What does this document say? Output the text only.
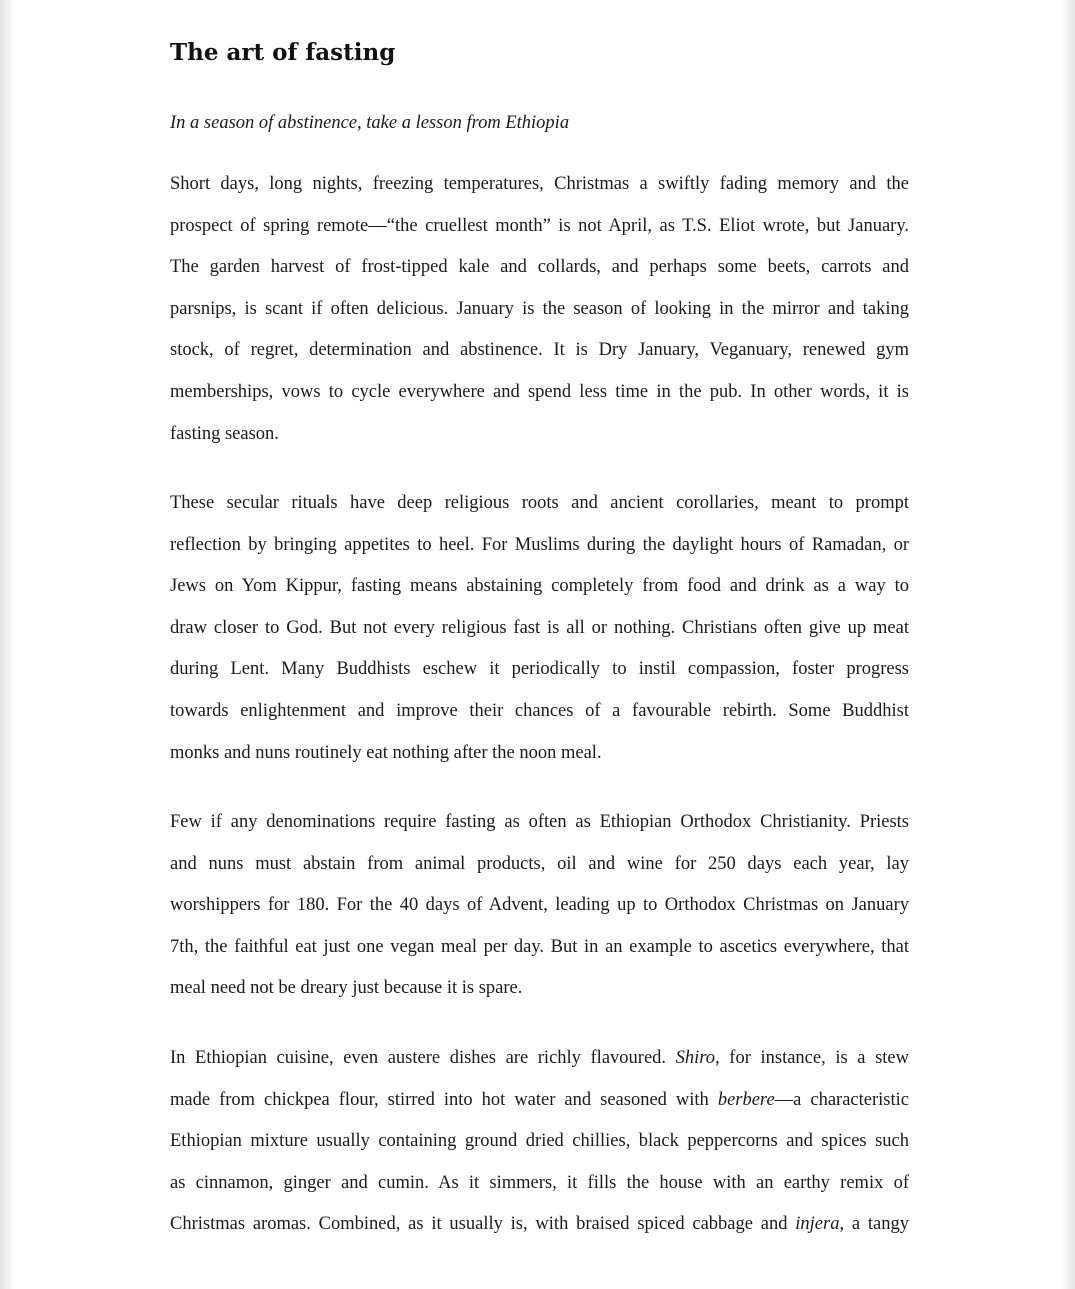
The art of fasting

In a season of abstinence, take a lesson from Ethiopia

Short days, long nights, freezing temperatures, Christmas a swiftly fading memory and the
prospect of spring remote—“the cruellest month” is not April, as T.S. Eliot wrote, but January.
The garden harvest of frost-tipped kale and collards, and perhaps some beets, carrots and
parsnips, is scant if often delicious. January is the season of looking in the mirror and taking
stock, of regret, determination and abstinence. It is Dry January, Veganuary, renewed gym
memberships, vows to cycle everywhere and spend less time in the pub. In other words, it is
fasting season.
These secular rituals have deep religious roots and ancient corollaries, meant to prompt
reflection by bringing appetites to heel. For Muslims during the daylight hours of Ramadan, or
Jews on Yom Kippur, fasting means abstaining completely from food and drink as a way to
draw closer to God. But not every religious fast is all or nothing. Christians often give up meat
during Lent. Many Buddhists eschew it periodically to instil compassion, foster progress
towards enlightenment and improve their chances of a favourable rebirth. Some Buddhist
monks and nuns routinely eat nothing after the noon meal.
Few if any denominations require fasting as often as Ethiopian Orthodox Christianity. Priests
and nuns must abstain from animal products, oil and wine for 250 days each year, lay
worshippers for 180. For the 40 days of Advent, leading up to Orthodox Christmas on January
7th, the faithful eat just one vegan meal per day. But in an example to ascetics everywhere, that
meal need not be dreary just because it is spare.
In Ethiopian cuisine, even austere dishes are richly flavoured. Shiro, for instance, is a stew
made from chickpea flour, stirred into hot water and seasoned with berbere—a characteristic
Ethiopian mixture usually containing ground dried chillies, black peppercorns and spices such
as cinnamon, ginger and cumin. As it simmers, it fills the house with an earthy remix of
Christmas aromas. Combined, as it usually is, with braised spiced cabbage and injera, a tangy
